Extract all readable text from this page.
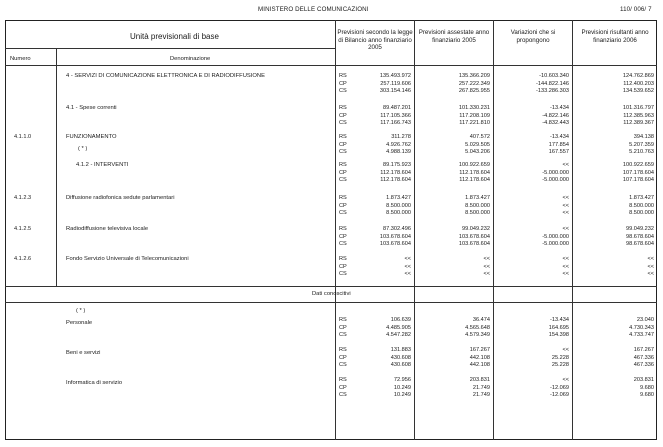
MINISTERO DELLE COMUNICAZIONI	110/ 006/ 7
Unità previsionali di base
Numero	Denominazione
Previsioni secondo la legge di Bilancio anno finanziario 2005
Previsioni assestate anno finanziario 2005
Variazioni che si propongono
Previsioni risultanti anno finanziario 2006
4 - SERVIZI DI COMUNICAZIONE ELETTRONICA E DI RADIODIFFUSIONE	RS	135.493.972	135.366.209	-10.603.340	124.762.869
CP	257.119.606	257.222.349	-144.822.146	112.400.203
CS	303.154.146	267.825.955	-133.286.303	134.539.652
4.1 - Spese correnti	RS	89.487.201	101.330.231	-13.434	101.316.797
CP	117.105.366	117.208.109	-4.822.146	112.385.963
CS	117.166.743	117.221.810	-4.832.443	112.389.367
4.1.1.0	FUNZIONAMENTO
( * )
RS	311.278	407.572	-13.434	394.138
CP	4.926.762	5.029.505	177.854	5.207.359
CS	4.988.139	5.043.206	167.557	5.210.763
4.1.2 - INTERVENTI	RS	89.175.923	100.922.659	<<	100.922.659
CP	112.178.604	112.178.604	-5.000.000	107.178.604
CS	112.178.604	112.178.604	-5.000.000	107.178.604
4.1.2.3	Diffusione radiofonica sedute parlamentari	RS	1.873.427	1.873.427	<<	1.873.427
CP	8.500.000	8.500.000	<<	8.500.000
CS	8.500.000	8.500.000	<<	8.500.000
4.1.2.5	Radiodiffusione televisiva locale	RS	87.302.496	99.049.232	<<	99.049.232
CP	103.678.604	103.678.604	-5.000.000	98.678.604
CS	103.678.604	103.678.604	-5.000.000	98.678.604
4.1.2.6	Fondo Servizio Universale di Telecomunicazioni	RS	<<	<<	<<	<<
CP	<<	<<	<<	<<
CS	<<	<<	<<	<<
Dati conoscitivi
( * )
Personale	RS	106.639	36.474	-13.434	23.040
CP	4.485.905	4.565.648	164.695	4.730.343
CS	4.547.282	4.579.349	154.398	4.733.747
Beni e servizi	RS	131.883	167.267	<<	167.267
CP	430.608	442.108	25.228	467.336
CS	430.608	442.108	25.228	467.336
Informatica di servizio	RS	72.956	203.831	<<	203.831
CP	10.249	21.749	-12.069	9.680
CS	10.249	21.749	-12.069	9.680
